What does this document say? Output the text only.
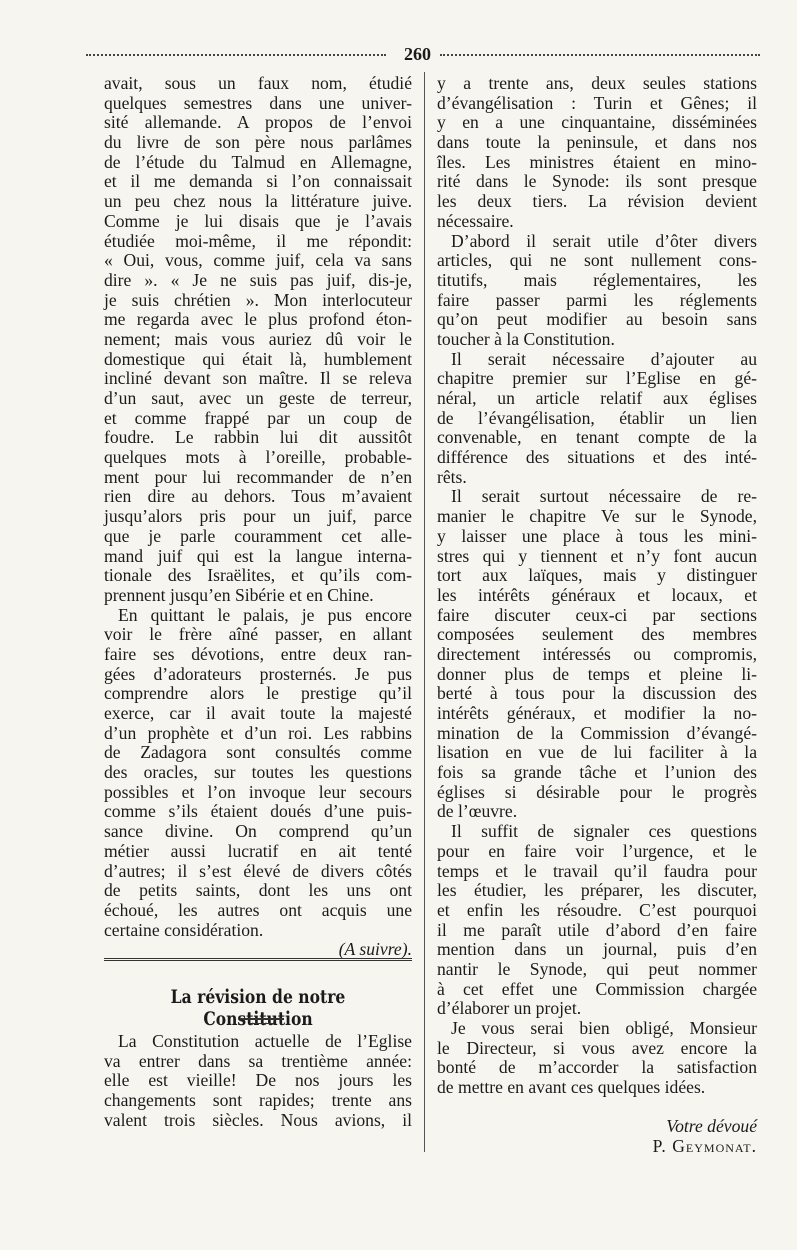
260
avait, sous un faux nom, étudié
quelques semestres dans une univer-
sité allemande. A propos de l’envoi
du livre de son père nous parlâmes
de l’étude du Talmud en Allemagne,
et il me demanda si l’on connaissait
un peu chez nous la littérature juive.
Comme je lui disais que je l’avais
étudiée moi-même, il me répondit:
« Oui, vous, comme juif, cela va sans
dire ». « Je ne suis pas juif, dis-je,
je suis chrétien ». Mon interlocuteur
me regarda avec le plus profond éton-
nement; mais vous auriez dû voir le
domestique qui était là, humblement
incliné devant son maître. Il se releva
d’un saut, avec un geste de terreur,
et comme frappé par un coup de
foudre. Le rabbin lui dit aussitôt
quelques mots à l’oreille, probable-
ment pour lui recommander de n’en
rien dire au dehors. Tous m’avaient
jusqu’alors pris pour un juif, parce
que je parle couramment cet alle-
mand juif qui est la langue interna-
tionale des Israëlites, et qu’ils com-
prennent jusqu’en Sibérie et en Chine.
En quittant le palais, je pus encore
voir le frère aîné passer, en allant
faire ses dévotions, entre deux ran-
gées d’adorateurs prosternés. Je pus
comprendre alors le prestige qu’il
exerce, car il avait toute la majesté
d’un prophète et d’un roi. Les rabbins
de Zadagora sont consultés comme
des oracles, sur toutes les questions
possibles et l’on invoque leur secours
comme s’ils étaient doués d’une puis-
sance divine. On comprend qu’un
métier aussi lucratif en ait tenté
d’autres; il s’est élevé de divers côtés
de petits saints, dont les uns ont
échoué, les autres ont acquis une
certaine considération.
(A suivre).
La révision de notre Constitution
La Constitution actuelle de l’Eglise
va entrer dans sa trentième année:
elle est vieille! De nos jours les
changements sont rapides; trente ans
valent trois siècles. Nous avions, il
y a trente ans, deux seules stations
d’évangélisation : Turin et Gênes; il
y en a une cinquantaine, disséminées
dans toute la peninsule, et dans nos
îles. Les ministres étaient en mino-
rité dans le Synode: ils sont presque
les deux tiers. La révision devient
nécessaire.
D’abord il serait utile d’ôter divers
articles, qui ne sont nullement cons-
titutifs, mais réglementaires, les
faire passer parmi les réglements
qu’on peut modifier au besoin sans
toucher à la Constitution.
Il serait nécessaire d’ajouter au
chapitre premier sur l’Eglise en gé-
néral, un article relatif aux églises
de l’évangélisation, établir un lien
convenable, en tenant compte de la
différence des situations et des inté-
rêts.
Il serait surtout nécessaire de re-
manier le chapitre Ve sur le Synode,
y laisser une place à tous les mini-
stres qui y tiennent et n’y font aucun
tort aux laïques, mais y distinguer
les intérêts généraux et locaux, et
faire discuter ceux-ci par sections
composées seulement des membres
directement intéressés ou compromis,
donner plus de temps et pleine li-
berté à tous pour la discussion des
intérêts généraux, et modifier la no-
mination de la Commission d’évangé-
lisation en vue de lui faciliter à la
fois sa grande tâche et l’union des
églises si désirable pour le progrès
de l’œuvre.
Il suffit de signaler ces questions
pour en faire voir l’urgence, et le
temps et le travail qu’il faudra pour
les étudier, les préparer, les discuter,
et enfin les résoudre. C’est pourquoi
il me paraît utile d’abord d’en faire
mention dans un journal, puis d’en
nantir le Synode, qui peut nommer
à cet effet une Commission chargée
d’élaborer un projet.
Je vous serai bien obligé, Monsieur
le Directeur, si vous avez encore la
bonté de m’accorder la satisfaction
de mettre en avant ces quelques idées.
Votre dévoué
P. Geymonat.
